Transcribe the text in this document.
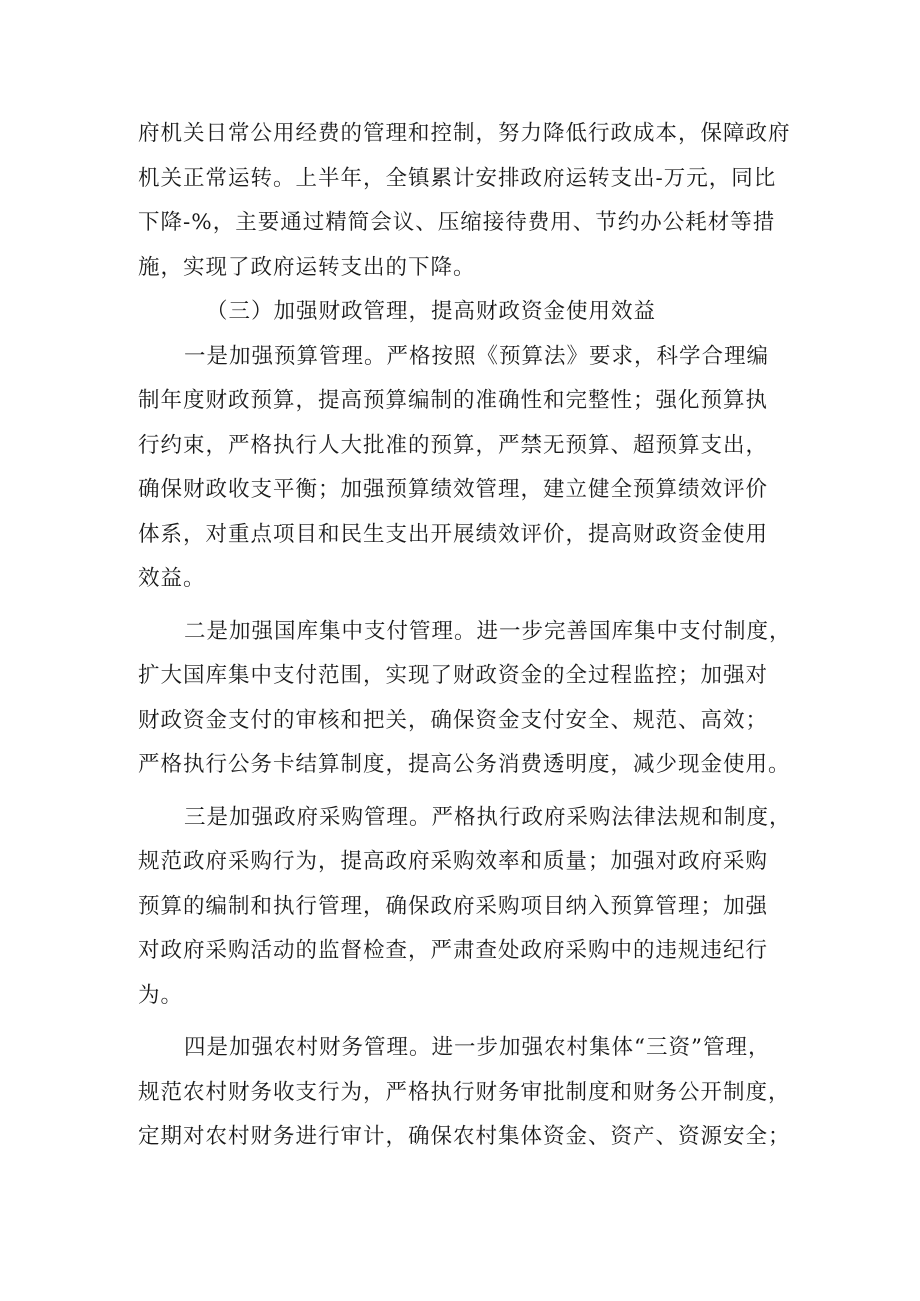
府机关日常公用经费的管理和控制，努力降低行政成本，保障政府
机关正常运转。上半年，全镇累计安排政府运转支出-万元，同比
下降-%，主要通过精简会议、压缩接待费用、节约办公耗材等措
施，实现了政府运转支出的下降。
（三）加强财政管理，提高财政资金使用效益
一是加强预算管理。严格按照《预算法》要求，科学合理编
制年度财政预算，提高预算编制的准确性和完整性；强化预算执
行约束，严格执行人大批准的预算，严禁无预算、超预算支出，
确保财政收支平衡；加强预算绩效管理，建立健全预算绩效评价
体系，对重点项目和民生支出开展绩效评价，提高财政资金使用
效益。
二是加强国库集中支付管理。进一步完善国库集中支付制度，
扩大国库集中支付范围，实现了财政资金的全过程监控；加强对
财政资金支付的审核和把关，确保资金支付安全、规范、高效；
严格执行公务卡结算制度，提高公务消费透明度，减少现金使用。
三是加强政府采购管理。严格执行政府采购法律法规和制度，
规范政府采购行为，提高政府采购效率和质量；加强对政府采购
预算的编制和执行管理，确保政府采购项目纳入预算管理；加强
对政府采购活动的监督检查，严肃查处政府采购中的违规违纪行
为。
四是加强农村财务管理。进一步加强农村集体“三资”管理，
规范农村财务收支行为，严格执行财务审批制度和财务公开制度，
定期对农村财务进行审计，确保农村集体资金、资产、资源安全；
